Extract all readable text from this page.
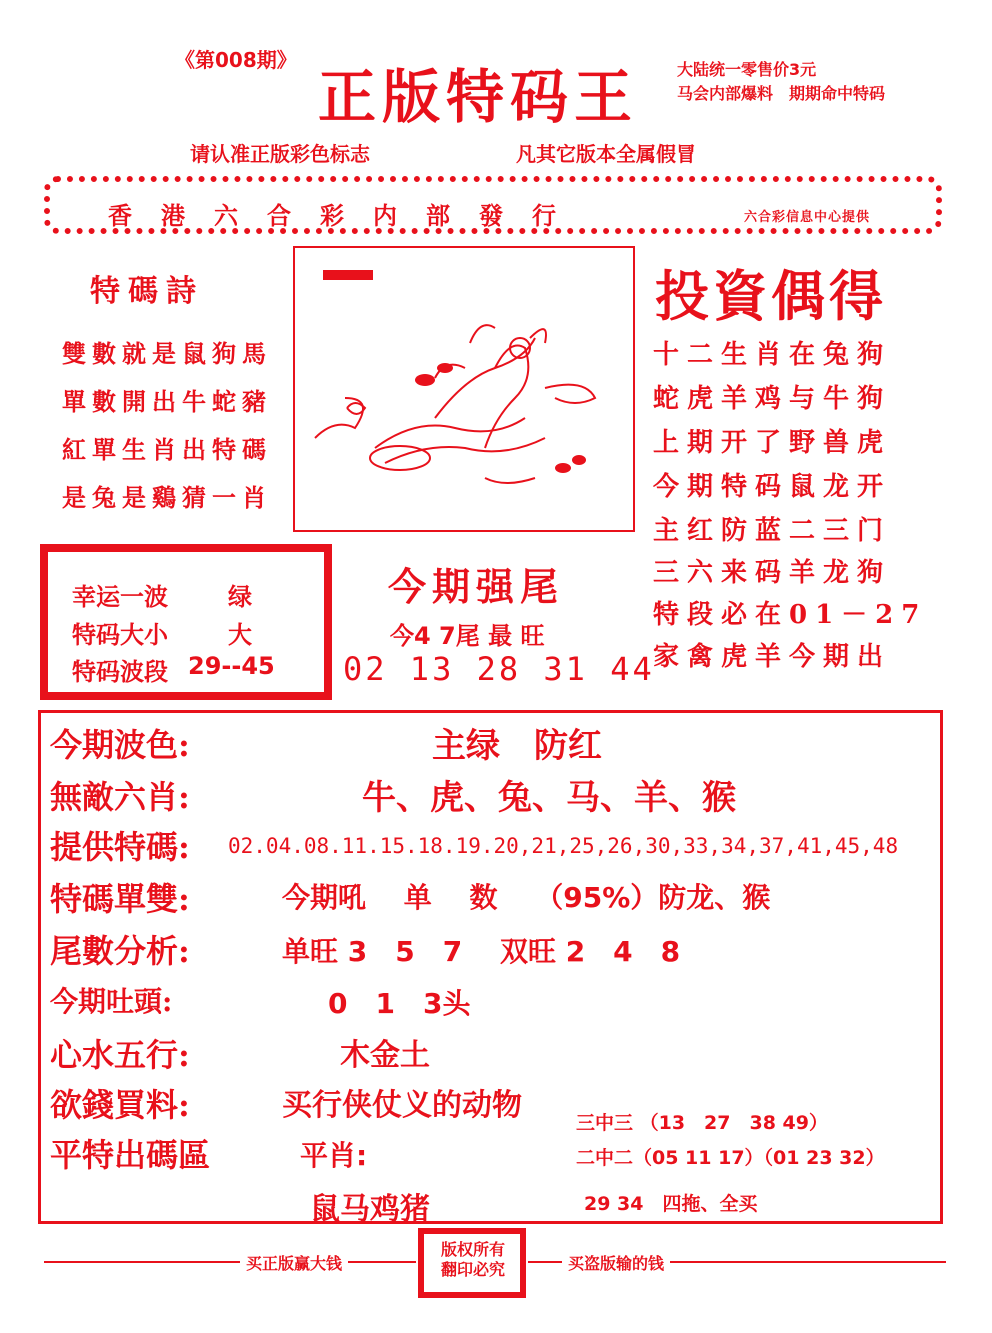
《第008期》
正版特码王 大陆统一零售价3元
马会内部爆料　期期命中特码
请认准正版彩色标志	凡其它版本全属假冒
香港六合彩内部發行	六合彩信息中心提供
特碼詩
雙數就是鼠狗馬
單數開出牛蛇豬
紅單生肖出特碼
是兔是鷄猜一肖
投資偶得
十二生肖在兔狗
蛇虎羊鸡与牛狗
上期开了野兽虎
今期特码鼠龙开
主红防蓝二三门
三六来码羊龙狗
特段必在01－27
家禽虎羊今期出
幸运一波	绿
特码大小	大
特码波段 29--45
今期强尾
今4 7尾 最 旺
02 13 28 31 44
今期波色:	主绿　防红
無敵六肖:	牛、虎、兔、马、羊、猴
提供特碼: 02.04.08.11.15.18.19.20,21,25,26,30,33,34,37,41,45,48
特碼單雙:	今期吼　 单　 数　 （95%）防龙、猴
尾數分析:	单旺 3　5　7　 双旺 2　4　8
今期吐頭:	0　1　3头
心水五行:	木金土
欲錢買料:	买行侠仗义的动物	三中三 （13　27　38 49）
二中二（05 11 17）（01 23 32）
平特出碼區	平肖:
鼠马鸡猪	29 34　四拖、全买
买正版赢大钱	买盗版输的钱
版权所有
翻印必究
